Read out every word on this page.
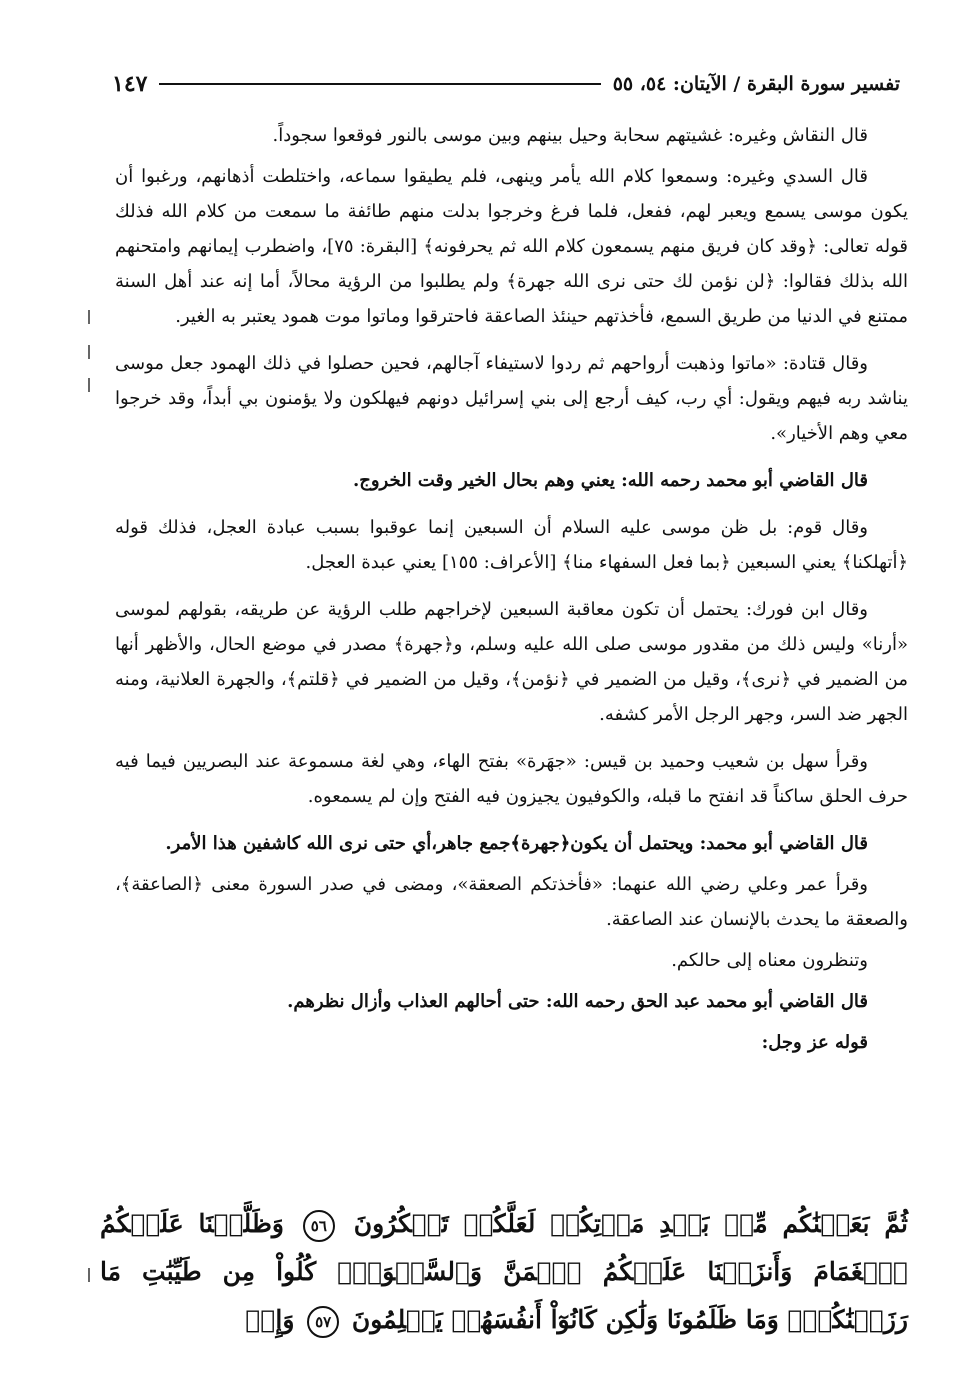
تفسير سورة البقرة / الآيتان: ٥٤، ٥٥
١٤٧

قال النقاش وغيره: غشيتهم سحابة وحيل بينهم وبين موسى بالنور فوقعوا سجوداً.

قال السدي وغيره: وسمعوا كلام الله يأمر وينهى، فلم يطيقوا سماعه، واختلطت أذهانهم، ورغبوا أن يكون موسى يسمع ويعبر لهم، ففعل، فلما فرغ وخرجوا بدلت منهم طائفة ما سمعت من كلام الله فذلك قوله تعالى: ﴿وقد كان فريق منهم يسمعون كلام الله ثم يحرفونه﴾ [البقرة: ٧٥]، واضطرب إيمانهم وامتحنهم الله بذلك فقالوا: ﴿لن نؤمن لك حتى نرى الله جهرة﴾ ولم يطلبوا من الرؤية محالاً، أما إنه عند أهل السنة ممتنع في الدنيا من طريق السمع، فأخذتهم حينئذ الصاعقة فاحترقوا وماتوا موت همود يعتبر به الغير.

وقال قتادة: «ماتوا وذهبت أرواحهم ثم ردوا لاستيفاء آجالهم، فحين حصلوا في ذلك الهمود جعل موسى يناشد ربه فيهم ويقول: أي رب، كيف أرجع إلى بني إسرائيل دونهم فيهلكون ولا يؤمنون بي أبداً، وقد خرجوا معي وهم الأخيار».

قال القاضي أبو محمد رحمه الله: يعني وهم بحال الخير وقت الخروج.

وقال قوم: بل ظن موسى عليه السلام أن السبعين إنما عوقبوا بسبب عبادة العجل، فذلك قوله ﴿أتهلكنا﴾ يعني السبعين ﴿بما فعل السفهاء منا﴾ [الأعراف: ١٥٥] يعني عبدة العجل.

وقال ابن فورك: يحتمل أن تكون معاقبة السبعين لإخراجهم طلب الرؤية عن طريقه، بقولهم لموسى «أرنا» وليس ذلك من مقدور موسى صلى الله عليه وسلم، و﴿جهرة﴾ مصدر في موضع الحال، والأظهر أنها من الضمير في ﴿نرى﴾، وقيل من الضمير في ﴿نؤمن﴾، وقيل من الضمير في ﴿قلتم﴾، والجهرة العلانية، ومنه الجهر ضد السر، وجهر الرجل الأمر كشفه.

وقرأ سهل بن شعيب وحميد بن قيس: «جهَرة» بفتح الهاء، وهي لغة مسموعة عند البصريين فيما فيه حرف الحلق ساكناً قد انفتح ما قبله، والكوفيون يجيزون فيه الفتح وإن لم يسمعوه.

قال القاضي أبو محمد: ويحتمل أن يكون﴿جهرة﴾جمع جاهر،أي حتى نرى الله كاشفين هذا الأمر.

وقرأ عمر وعلي رضي الله عنهما: «فأخذتكم الصعقة»، ومضى في صدر السورة معنى ﴿الصاعقة﴾، والصعقة ما يحدث بالإنسان عند الصاعقة.

وتنظرون معناه إلى حالكم.

قال القاضي أبو محمد عبد الحق رحمه الله: حتى أحالهم العذاب وأزال نظرهم.

قوله عز وجل:

ثُمَّ بَعَثۡنَٰكُم مِّنۢ بَعۡدِ مَوۡتِكُمۡ لَعَلَّكُمۡ تَشۡكُرُونَ ٥٦ وَظَلَّلۡنَا عَلَيۡكُمُ ٱلۡغَمَامَ وَأَنزَلۡنَا عَلَيۡكُمُ ٱلۡمَنَّ وَٱلسَّلۡوَىٰۖ كُلُواْ مِن طَيِّبَٰتِ مَا رَزَقۡنَٰكُمۡۚ وَمَا ظَلَمُونَا وَلَٰكِن كَانُوٓاْ أَنفُسَهُمۡ يَظۡلِمُونَ ٥٧ وَإِذۡ
